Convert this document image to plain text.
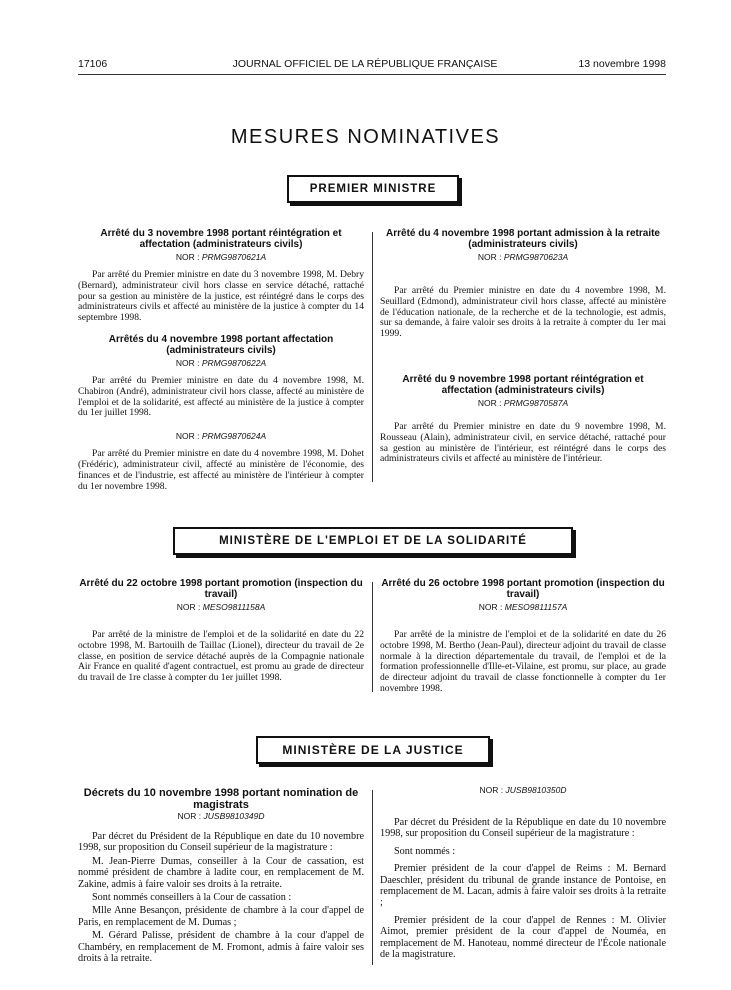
17106	JOURNAL OFFICIEL DE LA RÉPUBLIQUE FRANÇAISE	13 novembre 1998
MESURES NOMINATIVES
PREMIER MINISTRE

Arrêté du 3 novembre 1998 portant réintégration et affectation (administrateurs civils)

NOR : PRMG9870621A

Par arrêté du Premier ministre en date du 3 novembre 1998, M. Debry (Bernard), administrateur civil hors classe en service détaché, rattaché pour sa gestion au ministère de la justice, est réintégré dans le corps des administrateurs civils et affecté au ministère de la justice à compter du 14 septembre 1998.

Arrêtés du 4 novembre 1998 portant affectation (administrateurs civils)

NOR : PRMG9870622A

Par arrêté du Premier ministre en date du 4 novembre 1998, M. Chabiron (André), administrateur civil hors classe, affecté au ministère de l'emploi et de la solidarité, est affecté au ministère de la justice à compter du 1er juillet 1998.

NOR : PRMG9870624A

Par arrêté du Premier ministre en date du 4 novembre 1998, M. Dohet (Frédéric), administrateur civil, affecté au ministère de l'économie, des finances et de l'industrie, est affecté au ministère de l'intérieur à compter du 1er novembre 1998.

Arrêté du 4 novembre 1998 portant admission à la retraite (administrateurs civils)

NOR : PRMG9870623A

Par arrêté du Premier ministre en date du 4 novembre 1998, M. Seuillard (Edmond), administrateur civil hors classe, affecté au ministère de l'éducation nationale, de la recherche et de la technologie, est admis, sur sa demande, à faire valoir ses droits à la retraite à compter du 1er mai 1999.

Arrêté du 9 novembre 1998 portant réintégration et affectation (administrateurs civils)

NOR : PRMG9870587A

Par arrêté du Premier ministre en date du 9 novembre 1998, M. Rousseau (Alain), administrateur civil, en service détaché, rattaché pour sa gestion au ministère de l'intérieur, est réintégré dans le corps des administrateurs civils et affecté au ministère de l'intérieur.

MINISTÈRE DE L'EMPLOI ET DE LA SOLIDARITÉ

Arrêté du 22 octobre 1998 portant promotion (inspection du travail)

NOR : MESO9811158A

Par arrêté de la ministre de l'emploi et de la solidarité en date du 22 octobre 1998, M. Bartouilh de Taillac (Lionel), directeur du travail de 2e classe, en position de service détaché auprès de la Compagnie nationale Air France en qualité d'agent contractuel, est promu au grade de directeur du travail de 1re classe à compter du 1er juillet 1998.

Arrêté du 26 octobre 1998 portant promotion (inspection du travail)

NOR : MESO9811157A

Par arrêté de la ministre de l'emploi et de la solidarité en date du 26 octobre 1998, M. Bertho (Jean-Paul), directeur adjoint du travail de classe normale à la direction départementale du travail, de l'emploi et de la formation professionnelle d'Ille-et-Vilaine, est promu, sur place, au grade de directeur adjoint du travail de classe fonctionnelle à compter du 1er novembre 1998.

MINISTÈRE DE LA JUSTICE

Décrets du 10 novembre 1998 portant nomination de magistrats

NOR : JUSB9810349D

Par décret du Président de la République en date du 10 novembre 1998, sur proposition du Conseil supérieur de la magistrature :

M. Jean-Pierre Dumas, conseiller à la Cour de cassation, est nommé président de chambre à ladite cour, en remplacement de M. Zakine, admis à faire valoir ses droits à la retraite.

Sont nommés conseillers à la Cour de cassation :

Mlle Anne Besançon, présidente de chambre à la cour d'appel de Paris, en remplacement de M. Dumas ;

M. Gérard Palisse, président de chambre à la cour d'appel de Chambéry, en remplacement de M. Fromont, admis à faire valoir ses droits à la retraite.

NOR : JUSB9810350D

Par décret du Président de la République en date du 10 novembre 1998, sur proposition du Conseil supérieur de la magistrature :

Sont nommés :

Premier président de la cour d'appel de Reims : M. Bernard Daeschler, président du tribunal de grande instance de Pontoise, en remplacement de M. Lacan, admis à faire valoir ses droits à la retraite ;

Premier président de la cour d'appel de Rennes : M. Olivier Aimot, premier président de la cour d'appel de Nouméa, en remplacement de M. Hanoteau, nommé directeur de l'École nationale de la magistrature.
